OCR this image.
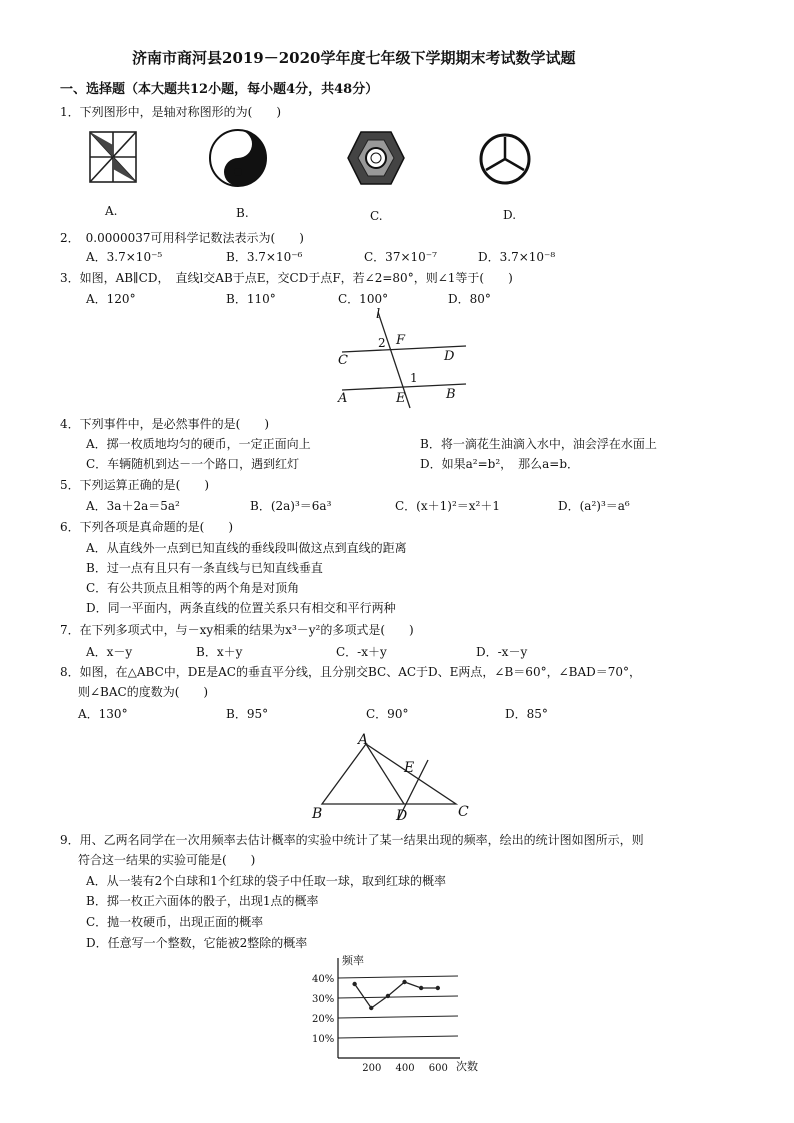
济南市商河县2019－2020学年度七年级下学期期末考试数学试题
一、选择题（本大题共12小题，每小题4分，共48分）
1．下列图形中，是轴对称图形的为(　　)
A.	B.	C.	D.
2．　0.0000037可用科学记数法表示为(　　)
A．3.7×10⁻⁵	B．3.7×10⁻⁶	C．37×10⁻⁷	D．3.7×10⁻⁸
3．如图，AB∥CD，　直线l交AB于点E，交CD于点F，若∠2=80°，则∠1等于(　　)
A．120°	B．110°	C．100°	D．80°
l
F
2
C	D
1
A	E	B
4．下列事件中，是必然事件的是(　　)
A．掷一枚质地均匀的硬币，一定正面向上	B．将一滴花生油滴入水中，油会浮在水面上
C．车辆随机到达－一个路口，遇到红灯	D．如果a²=b²，　那么a=b．
5．下列运算正确的是(　　)
A．3a＋2a＝5a²	B．(2a)³＝6a³	C．(x＋1)²＝x²＋1	D．(a²)³＝a⁶
6．下列各项是真命题的是(　　)
A．从直线外一点到已知直线的垂线段叫做这点到直线的距离
B．过一点有且只有一条直线与已知直线垂直
C．有公共顶点且相等的两个角是对顶角
D．同一平面内，两条直线的位置关系只有相交和平行两种
7．在下列多项式中，与－xy相乘的结果为x³－y²的多项式是(　　)
A．x－y	B．x＋y	C．-x＋y	D．-x－y
8．如图，在△ABC中，DE是AC的垂直平分线，且分别交BC、AC于D、E两点，∠B＝60°，∠BAD＝70°，
则∠BAC的度数为(　　)
A．130°	B．95°	C．90°	D．85°
A
E
B	D	C
9．用、乙两名同学在一次用频率去估计概率的实验中统计了某一结果出现的频率，绘出的统计图如图所示，则
符合这一结果的实验可能是(　　)
A．从一装有2个白球和1个红球的袋子中任取一球，取到红球的概率
B．掷一枚正六面体的骰子，出现1点的概率
C．抛一枚硬币，出现正面的概率
D．任意写一个整数，它能被2整除的概率
频率
次数
10%
20%
30%
40%
200 400 600
